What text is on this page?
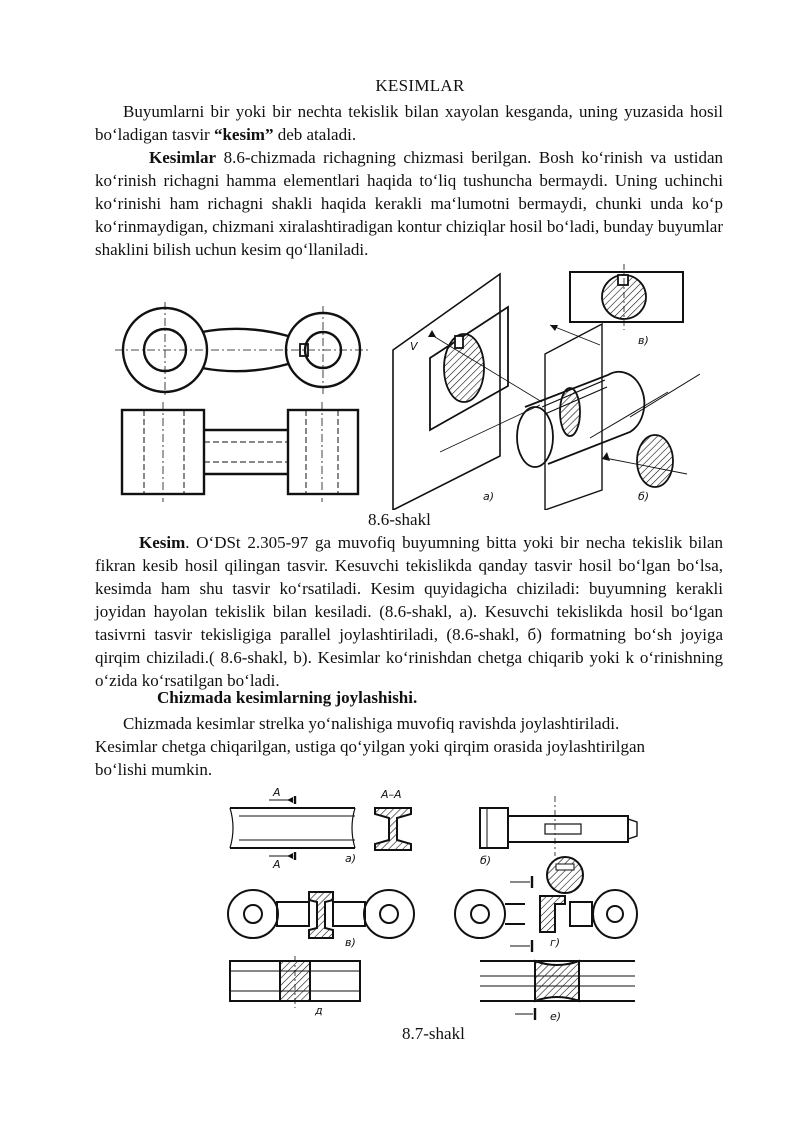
KESIMLAR

Buyumlarni bir yoki bir nechta tekislik bilan xayolan kesganda, uning yuzasida hosil bo‘ladigan tasvir “kesim” deb ataladi.

Kesimlar 8.6-chizmada richagning chizmasi berilgan. Bosh ko‘rinish va ustidan ko‘rinish richagni hamma elementlari haqida to‘liq tushuncha bermaydi. Uning uchinchi ko‘rinishi ham richagni shakli haqida kerakli ma‘lumotni bermaydi, chunki unda ko‘p ko‘rinmaydigan, chizmani xiralashtiradigan kontur chiziqlar hosil bo‘ladi, bunday buyumlar shaklini bilish uchun kesim qo‘llaniladi.

V
a)	б)
в)
8.6-shakl

Kesim. O‘DSt 2.305-97 ga muvofiq buyumning bitta yoki bir necha tekislik bilan fikran kesib hosil qilingan tasvir. Kesuvchi tekislikda qanday tasvir hosil bo‘lgan bo‘lsa, kesimda ham shu tasvir ko‘rsatiladi. Kesim quyidagicha chiziladi: buyumning kerakli joyidan hayolan tekislik bilan kesiladi. (8.6-shakl, a). Kesuvchi tekislikda hosil bo‘lgan tasivrni tasvir tekisligiga parallel joylashtiriladi, (8.6-shakl, б) formatning bo‘sh joyiga qirqim chiziladi.( 8.6-shakl, b). Kesimlar ko‘rinishdan chetga chiqarib yoki k o‘rinishning o‘zida ko‘rsatilgan bo‘ladi.

Chizmada kesimlarning joylashishi.

Chizmada kesimlar strelka yo‘nalishiga muvofiq ravishda joylashtiriladi.
Kesimlar chetga chiqarilgan, ustiga qo‘yilgan yoki qirqim orasida joylashtirilgan
bo‘lishi mumkin.

A
A
A–A
a)	б)
в)	г)
д	е)
8.7-shakl
